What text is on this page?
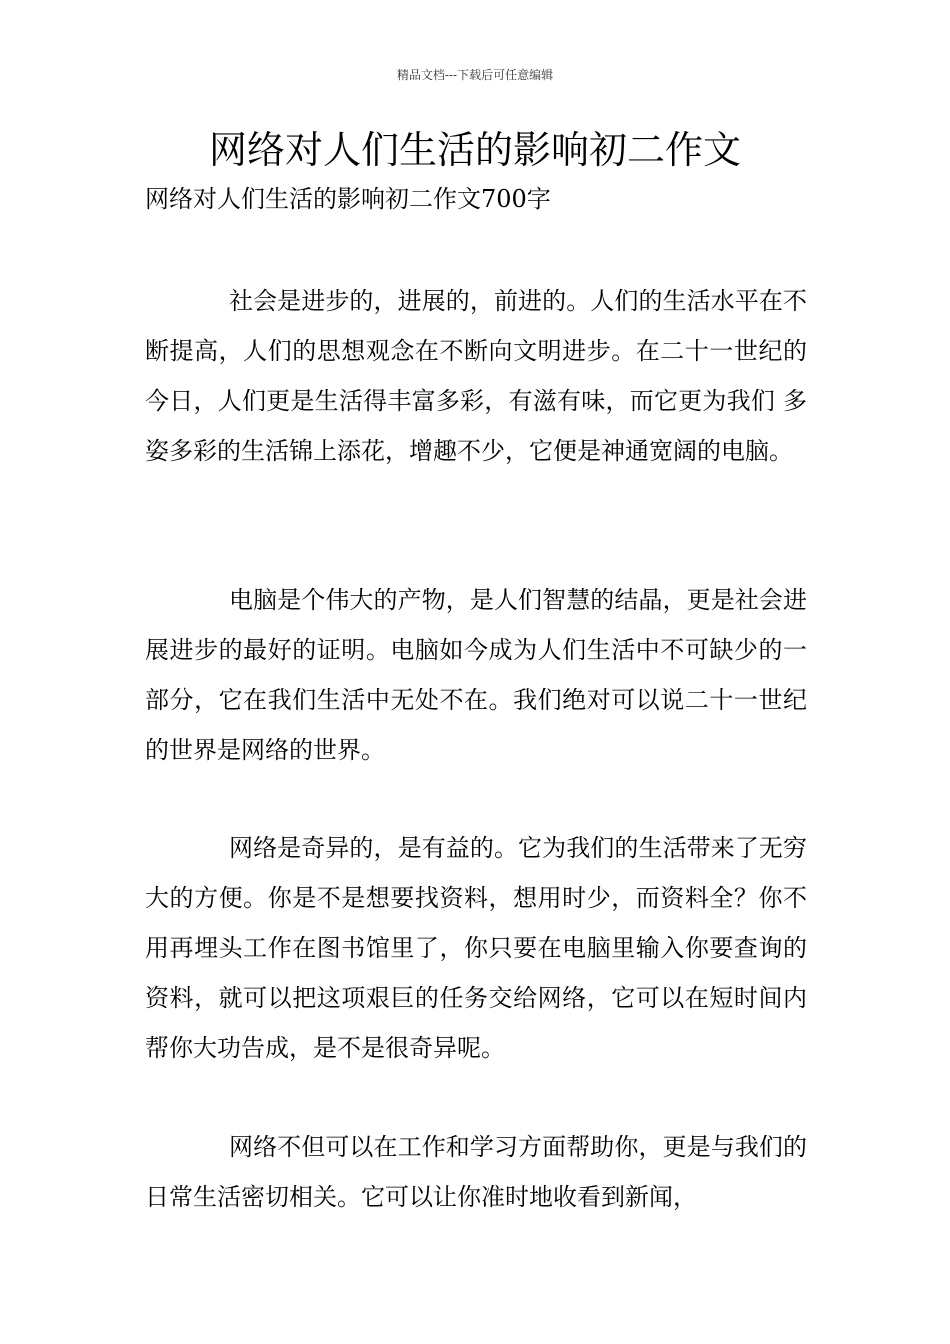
精品文档---下载后可任意编辑
网络对人们生活的影响初二作文
网络对人们生活的影响初二作文700字

社会是进步的，进展的，前进的。人们的生活水平在不断提高，人们的思想观念在不断向文明进步。在二十一世纪的今日，人们更是生活得丰富多彩，有滋有味，而它更为我们 多姿多彩的生活锦上添花，增趣不少，它便是神通宽阔的电脑。

电脑是个伟大的产物，是人们智慧的结晶，更是社会进展进步的最好的证明。电脑如今成为人们生活中不可缺少的一部分，它在我们生活中无处不在。我们绝对可以说二十一世纪的世界是网络的世界。

网络是奇异的，是有益的。它为我们的生活带来了无穷大的方便。你是不是想要找资料，想用时少，而资料全？你不用再埋头工作在图书馆里了，你只要在电脑里输入你要查询的资料，就可以把这项艰巨的任务交给网络，它可以在短时间内帮你大功告成，是不是很奇异呢。

网络不但可以在工作和学习方面帮助你，更是与我们的日常生活密切相关。它可以让你准时地收看到新闻，
